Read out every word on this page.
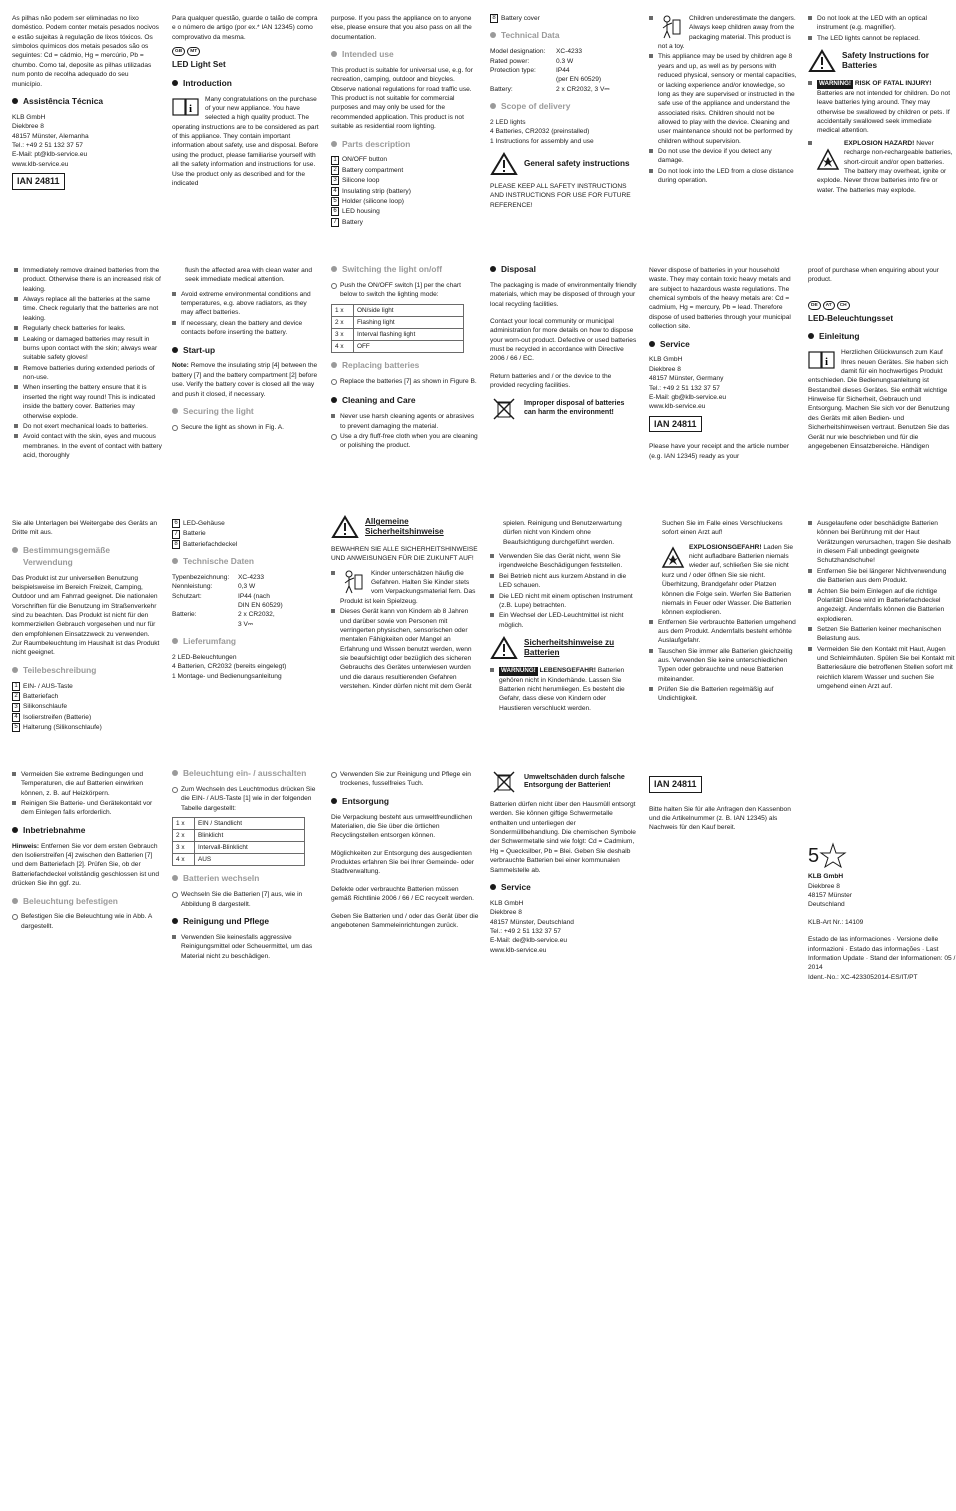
As pilhas não podem ser eliminadas no lixo doméstico. Podem conter metais pesados nocivos e estão sujeitas à regulação de lixos tóxicos. Os símbolos químicos dos metais pesados são os seguintes: Cd = cádmio, Hg = mercúrio, Pb = chumbo. Como tal, deposite as pilhas utilizadas num ponto de recolha adequado do seu município.
Assistência Técnica
KLB GmbH
Diekbree 8
48157 Münster, Alemanha
Tel.: +49 2 51 132 37 57
E-Mail: pt@klb-service.eu
www.klb-service.eu
IAN 24811
Para qualquer questão, guarde o talão de compra e o número de artigo (por ex.* IAN 12345) como comprovativo da mesma.
GB	MT
LED Light Set
Introduction
i
Many congratulations on the purchase of your new appliance. You have selected a high quality product. The operating instructions are to be considered as part of this appliance. They contain important information about safety, use and disposal. Before using the product, please familiarise yourself with all the safety information and instructions for use. Use the product only as described and for the indicated
purpose. If you pass the appliance on to anyone else, please ensure that you also pass on all the documentation.
Intended use
This product is suitable for universal use, e.g. for recreation, camping, outdoor and bicycles. Observe national regulations for road traffic use. This product is not suitable for commercial purposes and may only be used for the recommended application. This product is not suitable as residential room lighting.
Parts description
1 ON/OFF button
2 Battery compartment
3 Silicone loop
4 Insulating strip (battery)
5 Holder (silicone loop)
6 LED housing
7 Battery
8 Battery cover
Technical Data
Model designation:	XC-4233
Rated power:	0.3 W
Protection type:	IP44
(per EN 60529)
Battery:	2 x CR2032, 3 V⎓
Scope of delivery
2 LED lights
4 Batteries, CR2032 (preinstalled)
1 Instructions for assembly and use
General safety instructions
PLEASE KEEP ALL SAFETY INSTRUCTIONS AND INSTRUCTIONS FOR USE FOR FUTURE REFERENCE!
Children underestimate the dangers. Always keep children away from the packaging material. This product is not a toy.
This appliance may be used by children age 8 years and up, as well as by persons with reduced physical, sensory or mental capacities, or lacking experience and/or knowledge, so long as they are supervised or instructed in the safe use of the appliance and understand the associated risks. Children should not be allowed to play with the device. Cleaning and user maintenance should not be performed by children without supervision.
Do not use the device if you detect any damage.
Do not look into the LED from a close distance during operation.
Do not look at the LED with an optical instrument (e.g. magnifier).
The LED lights cannot be replaced.
Safety Instructions for Batteries
WARNING! RISK OF FATAL INJURY! Batteries are not intended for children. Do not leave batteries lying around. They may otherwise be swallowed by children or pets. If accidentally swallowed seek immediate medical attention.
EXPLOSION HAZARD! Never recharge non-rechargeable batteries, short-circuit and/or open batteries. The battery may overheat, ignite or explode. Never throw batteries into fire or water. The batteries may explode.
Immediately remove drained batteries from the product. Otherwise there is an increased risk of leaking.
Always replace all the batteries at the same time. Check regularly that the batteries are not leaking.
Regularly check batteries for leaks.
Leaking or damaged batteries may result in burns upon contact with the skin; always wear suitable safety gloves!
Remove batteries during extended periods of non-use.
When inserting the battery ensure that it is inserted the right way round! This is indicated inside the battery cover. Batteries may otherwise explode.
Do not exert mechanical loads to batteries.
Avoid contact with the skin, eyes and mucous membranes. In the event of contact with battery acid, thoroughly
flush the affected area with clean water and seek immediate medical attention.
Avoid extreme environmental conditions and temperatures, e.g. above radiators, as they may affect batteries.
If necessary, clean the battery and device contacts before inserting the battery.
Start-up
Note: Remove the insulating strip [4] between the battery [7] and the battery compartment [2] before use. Verify the battery cover is closed all the way and push it closed, if necessary.
Securing the light
Secure the light as shown in Fig. A.
Switching the light on/off
Push the ON/OFF switch [1] per the chart below to switch the lighting mode:
1 x	ON/side light
2 x	Flashing light
3 x	Interval flashing light
4 x	OFF
Replacing batteries
Replace the batteries [7] as shown in Figure B.
Cleaning and Care
Never use harsh cleaning agents or abrasives to prevent damaging the material.
Use a dry fluff-free cloth when you are cleaning or polishing the product.
Disposal
The packaging is made of environmentally friendly materials, which may be disposed of through your local recycling facilities.
Contact your local community or municipal administration for more details on how to dispose your worn-out product. Defective or used batteries must be recycled in accordance with Directive 2006 / 66 / EC.
Return batteries and / or the device to the provided recycling facilities.
Improper disposal of batteries can harm the environment!
Never dispose of batteries in your household waste. They may contain toxic heavy metals and are subject to hazardous waste regulations. The chemical symbols of the heavy metals are: Cd = cadmium, Hg = mercury, Pb = lead. Therefore dispose of used batteries through your municipal collection site.
Service
KLB GmbH
Diekbree 8
48157 Münster, Germany
Tel.: +49 2 51 132 37 57
E-Mail: gb@klb-service.eu
www.klb-service.eu
IAN 24811
Please have your receipt and the article number (e.g. IAN 12345) ready as your
proof of purchase when enquiring about your product.
DE	AT	CH
LED-Beleuchtungsset
Einleitung
i
Herzlichen Glückwunsch zum Kauf Ihres neuen Gerätes. Sie haben sich damit für ein hochwertiges Produkt entschieden. Die Bedienungsanleitung ist Bestandteil dieses Gerätes. Sie enthält wichtige Hinweise für Sicherheit, Gebrauch und Entsorgung. Machen Sie sich vor der Benutzung des Geräts mit allen Bedien- und Sicherheitshinweisen vertraut. Benutzen Sie das Gerät nur wie beschrieben und für die angegebenen Einsatzbereiche. Händigen
Sie alle Unterlagen bei Weitergabe des Geräts an Dritte mit aus.
Bestimmungsgemäße Verwendung
Das Produkt ist zur universellen Benutzung beispielsweise im Bereich Freizeit, Camping, Outdoor und am Fahrrad geeignet. Die nationalen Vorschriften für die Benutzung im Straßenverkehr sind zu beachten. Das Produkt ist nicht für den kommerziellen Gebrauch vorgesehen und nur für den empfohlenen Einsatzzweck zu verwenden. Zur Raumbeleuchtung im Haushalt ist das Produkt nicht geeignet.
Teilebeschreibung
1 EIN- / AUS-Taste
2 Batteriefach
3 Silikonschlaufe
4 Isolierstreifen (Batterie)
5 Halterung (Silikonschlaufe)
6 LED-Gehäuse
7 Batterie
8 Batteriefachdeckel
Technische Daten
Typenbezeichnung:	XC-4233
Nennleistung:	0,3 W
Schutzart:	IP44 (nach
DIN EN 60529)
Batterie:	2 x CR2032,
3 V⎓
Lieferumfang
2 LED-Beleuchtungen
4 Batterien, CR2032 (bereits eingelegt)
1 Montage- und Bedienungsanleitung
Allgemeine Sicherheitshinweise
BEWAHREN SIE ALLE SICHERHEITSHINWEISE UND ANWEISUNGEN FÜR DIE ZUKUNFT AUF!
Kinder unterschätzen häufig die Gefahren. Halten Sie Kinder stets vom Verpackungsmaterial fern. Das Produkt ist kein Spielzeug.
Dieses Gerät kann von Kindern ab 8 Jahren und darüber sowie von Personen mit verringerten physischen, sensorischen oder mentalen Fähigkeiten oder Mangel an Erfahrung und Wissen benutzt werden, wenn sie beaufsichtigt oder bezüglich des sicheren Gebrauchs des Gerätes unterwiesen wurden und die daraus resultierenden Gefahren verstehen. Kinder dürfen nicht mit dem Gerät
spielen. Reinigung und Benutzerwartung dürfen nicht von Kindern ohne Beaufsichtigung durchgeführt werden.
Verwenden Sie das Gerät nicht, wenn Sie irgendwelche Beschädigungen feststellen.
Bei Betrieb nicht aus kurzem Abstand in die LED schauen.
Die LED nicht mit einem optischen Instrument (z.B. Lupe) betrachten.
Ein Wechsel der LED-Leuchtmittel ist nicht möglich.
Sicherheitshinweise zu Batterien
WARNUNG! LEBENSGEFAHR! Batterien gehören nicht in Kinderhände. Lassen Sie Batterien nicht herumliegen. Es besteht die Gefahr, dass diese von Kindern oder Haustieren verschluckt werden.
Suchen Sie im Falle eines Verschluckens sofort einen Arzt auf!
EXPLOSIONSGEFAHR! Laden Sie nicht aufladbare Batterien niemals wieder auf, schließen Sie sie nicht kurz und / oder öffnen Sie sie nicht. Überhitzung, Brandgefahr oder Platzen können die Folge sein. Werfen Sie Batterien niemals in Feuer oder Wasser. Die Batterien können explodieren.
Entfernen Sie verbrauchte Batterien umgehend aus dem Produkt. Andernfalls besteht erhöhte Auslaufgefahr.
Tauschen Sie immer alle Batterien gleichzeitig aus. Verwenden Sie keine unterschiedlichen Typen oder gebrauchte und neue Batterien miteinander.
Prüfen Sie die Batterien regelmäßig auf Undichtigkeit.
Ausgelaufene oder beschädigte Batterien können bei Berührung mit der Haut Verätzungen verursachen, tragen Sie deshalb in diesem Fall unbedingt geeignete Schutzhandschuhe!
Entfernen Sie bei längerer Nichtverwendung die Batterien aus dem Produkt.
Achten Sie beim Einlegen auf die richtige Polarität! Diese wird im Batteriefachdeckel angezeigt. Andernfalls können die Batterien explodieren.
Setzen Sie Batterien keiner mechanischen Belastung aus.
Vermeiden Sie den Kontakt mit Haut, Augen und Schleimhäuten. Spülen Sie bei Kontakt mit Batteriesäure die betroffenen Stellen sofort mit reichlich klarem Wasser und suchen Sie umgehend einen Arzt auf.
Vermeiden Sie extreme Bedingungen und Temperaturen, die auf Batterien einwirken können, z. B. auf Heizkörpern.
Reinigen Sie Batterie- und Gerätekontakt vor dem Einlegen falls erforderlich.
Inbetriebnahme
Hinweis: Entfernen Sie vor dem ersten Gebrauch den Isolierstreifen [4] zwischen den Batterien [7] und dem Batteriefach [2]. Prüfen Sie, ob der Batteriefachdeckel vollständig geschlossen ist und drücken Sie ihn ggf. zu.
Beleuchtung befestigen
Befestigen Sie die Beleuchtung wie in Abb. A dargestellt.
Beleuchtung ein- / ausschalten
Zum Wechseln des Leuchtmodus drücken Sie die EIN- / AUS-Taste [1] wie in der folgenden Tabelle dargestellt:
1 x	EIN / Standlicht
2 x	Blinklicht
3 x	Intervall-Blinklicht
4 x	AUS
Batterien wechseln
Wechseln Sie die Batterien [7] aus, wie in Abbildung B dargestellt.
Reinigung und Pflege
Verwenden Sie keinesfalls aggressive Reinigungsmittel oder Scheuermittel, um das Material nicht zu beschädigen.
Verwenden Sie zur Reinigung und Pflege ein trockenes, fusselfreies Tuch.
Entsorgung
Die Verpackung besteht aus umweltfreundlichen Materialien, die Sie über die örtlichen Recyclingstellen entsorgen können.
Möglichkeiten zur Entsorgung des ausgedienten Produktes erfahren Sie bei Ihrer Gemeinde- oder Stadtverwaltung.
Defekte oder verbrauchte Batterien müssen gemäß Richtlinie 2006 / 66 / EC recycelt werden.
Geben Sie Batterien und / oder das Gerät über die angebotenen Sammeleinrichtungen zurück.
Umweltschäden durch falsche Entsorgung der Batterien!
Batterien dürfen nicht über den Hausmüll entsorgt werden. Sie können giftige Schwermetalle enthalten und unterliegen der Sondermüllbehandlung. Die chemischen Symbole der Schwermetalle sind wie folgt: Cd = Cadmium, Hg = Quecksilber, Pb = Blei. Geben Sie deshalb verbrauchte Batterien bei einer kommunalen Sammelstelle ab.
Service
KLB GmbH
Diekbree 8
48157 Münster, Deutschland
Tel.: +49 2 51 132 37 57
E-Mail: de@klb-service.eu
www.klb-service.eu
IAN 24811
Bitte halten Sie für alle Anfragen den Kassenbon und die Artikelnummer (z. B. IAN 12345) als Nachweis für den Kauf bereit.
5
KLB GmbH
Diekbree 8
48157 Münster
Deutschland
KLB-Art Nr.: 14109
Estado de las informaciones · Versione delle informazioni · Estado das informações · Last Information Update · Stand der Informationen: 05 / 2014
Ident.-No.: XC-4233052014-ES/IT/PT
